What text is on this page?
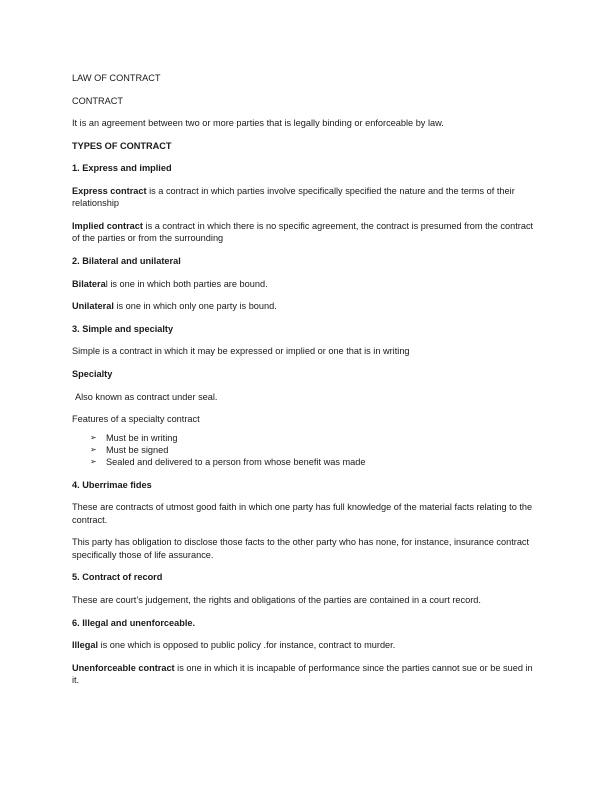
LAW OF CONTRACT

CONTRACT

It is an agreement between two or more parties that is legally binding or enforceable by law.

TYPES OF CONTRACT

1. Express and implied

Express contract is a contract in which parties involve specifically specified the nature and the terms of their relationship

Implied contract is a contract in which there is no specific agreement, the contract is presumed from the contract of the parties or from the surrounding

2. Bilateral and unilateral

Bilateral is one in which both parties are bound.

Unilateral is one in which only one party is bound.

3. Simple and specialty

Simple is a contract in which it may be expressed or implied or one that is in writing

Specialty

Also known as contract under seal.

Features of a specialty contract

➢ Must be in writing
➢ Must be signed
➢ Sealed and delivered to a person from whose benefit was made

4. Uberrimae fides

These are contracts of utmost good faith in which one party has full knowledge of the material facts relating to the contract.

This party has obligation to disclose those facts to the other party who has none, for instance, insurance contract specifically those of life assurance.

5. Contract of record

These are court’s judgement, the rights and obligations of the parties are contained in a court record.

6. Illegal and unenforceable.

Illegal is one which is opposed to public policy .for instance, contract to murder.

Unenforceable contract is one in which it is incapable of performance since the parties cannot sue or be sued in it.
